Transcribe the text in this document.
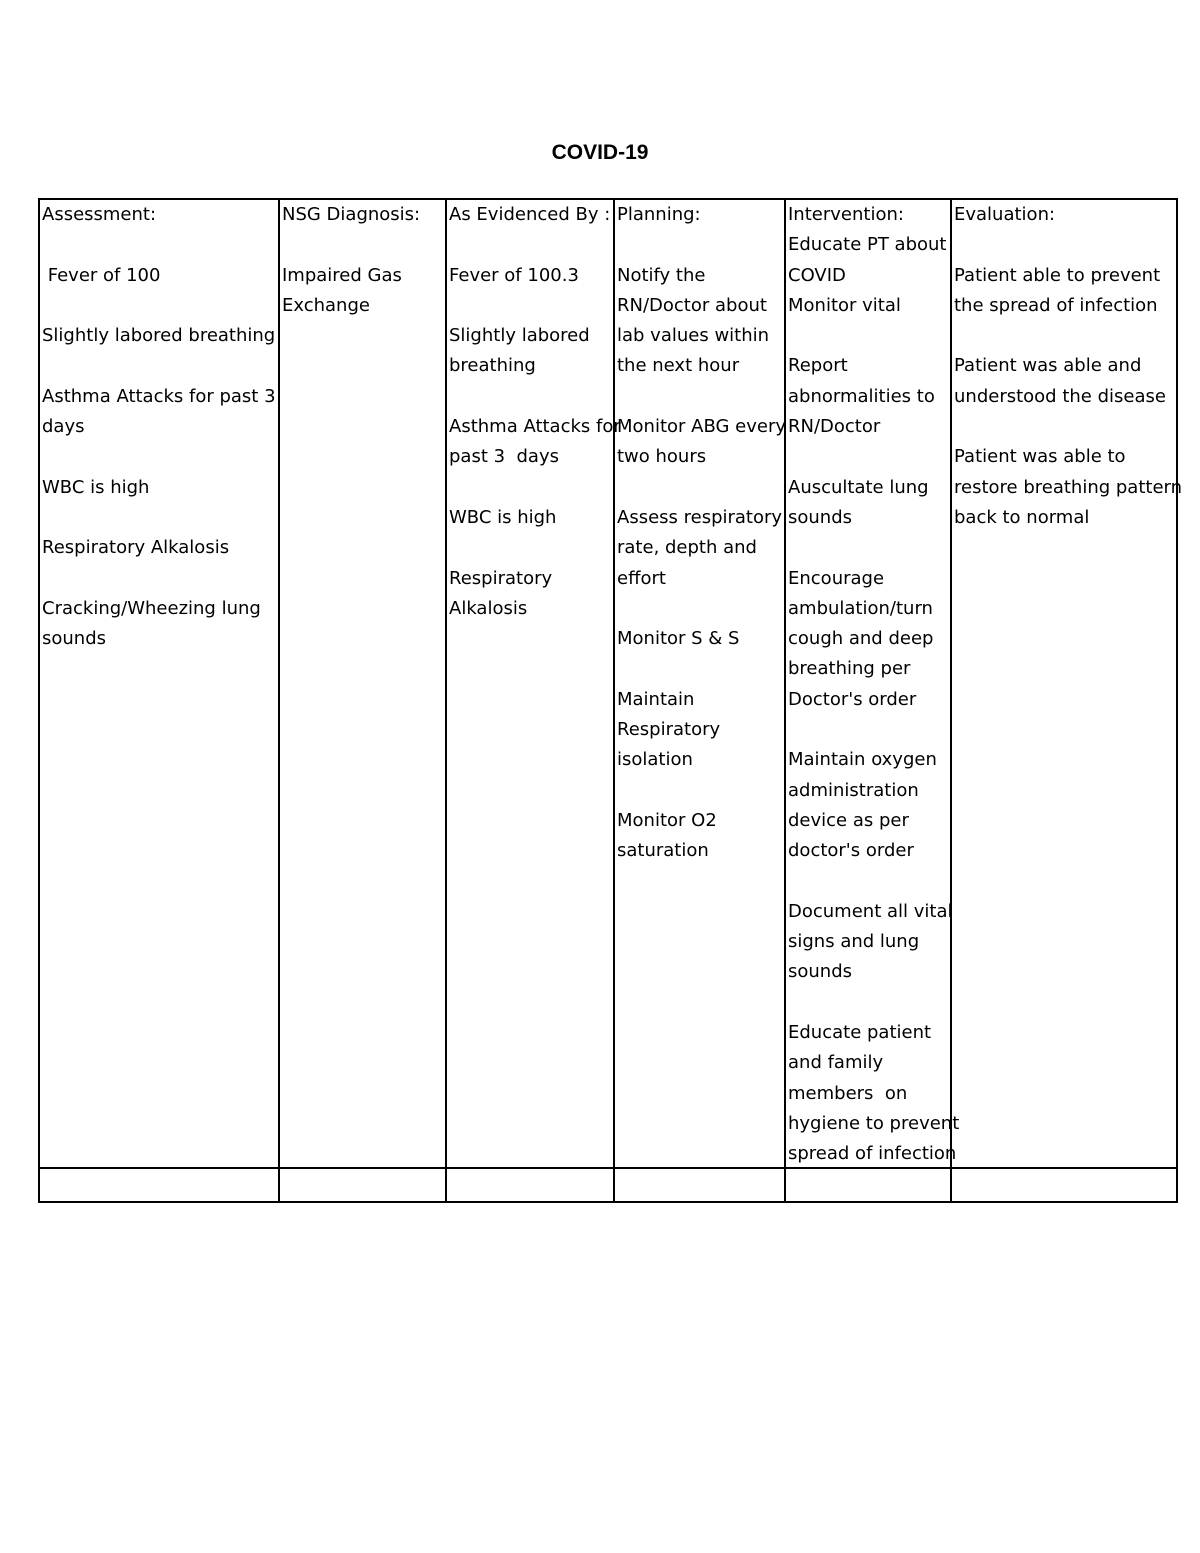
COVID-19
Assessment:
Fever of 100
Slightly labored breathing
Asthma Attacks for past 3
days
WBC is high
Respiratory Alkalosis
Cracking/Wheezing lung
sounds
NSG Diagnosis:
Impaired Gas
Exchange
As Evidenced By :
Fever of 100.3
Slightly labored
breathing
Asthma Attacks for
past 3  days
WBC is high
Respiratory
Alkalosis
Planning:
Notify the
RN/Doctor about
lab values within
the next hour
Monitor ABG every
two hours
Assess respiratory
rate, depth and
effort
Monitor S & S
Maintain
Respiratory
isolation
Monitor O2
saturation
Intervention:
Educate PT about
COVID
Monitor vital
Report
abnormalities to
RN/Doctor
Auscultate lung
sounds
Encourage
ambulation/turn
cough and deep
breathing per
Doctor's order
Maintain oxygen
administration
device as per
doctor's order
Document all vital
signs and lung
sounds
Educate patient
and family
members  on
hygiene to prevent
spread of infection
Evaluation:
Patient able to prevent
the spread of infection
Patient was able and
understood the disease
Patient was able to
restore breathing pattern
back to normal
